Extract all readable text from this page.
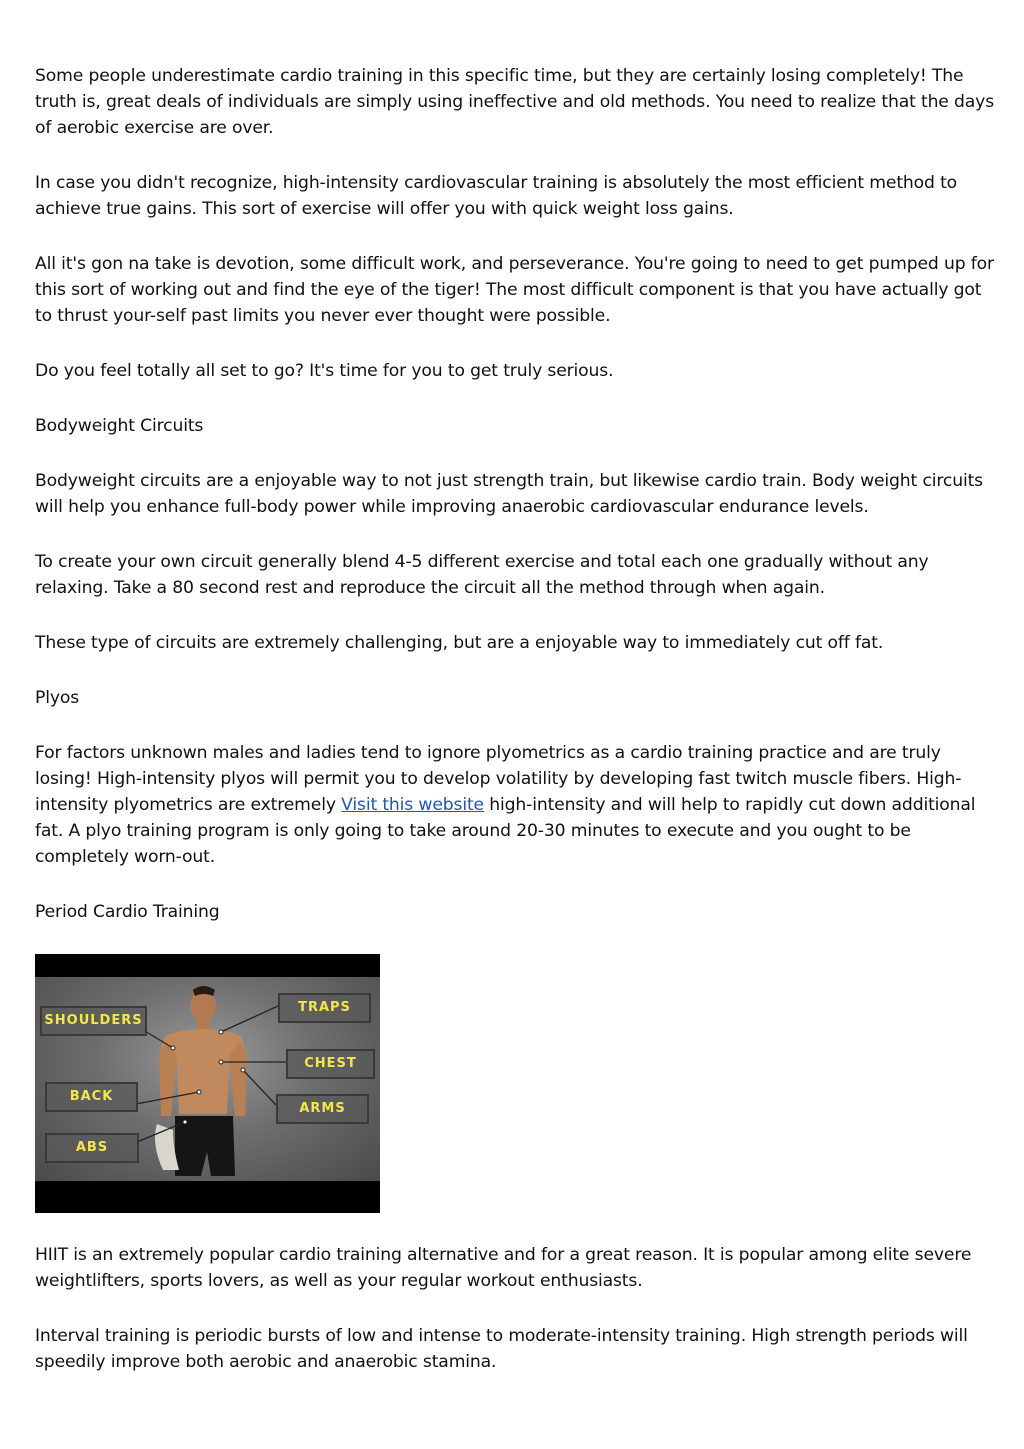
Some people underestimate cardio training in this specific time, but they are certainly losing completely! The truth is, great deals of individuals are simply using ineffective and old methods. You need to realize that the days of aerobic exercise are over.

In case you didn't recognize, high-intensity cardiovascular training is absolutely the most efficient method to achieve true gains. This sort of exercise will offer you with quick weight loss gains.

All it's gon na take is devotion, some difficult work, and perseverance. You're going to need to get pumped up for this sort of working out and find the eye of the tiger! The most difficult component is that you have actually got to thrust your-self past limits you never ever thought were possible.

Do you feel totally all set to go? It's time for you to get truly serious.

Bodyweight Circuits

Bodyweight circuits are a enjoyable way to not just strength train, but likewise cardio train. Body weight circuits will help you enhance full-body power while improving anaerobic cardiovascular endurance levels.

To create your own circuit generally blend 4-5 different exercise and total each one gradually without any relaxing. Take a 80 second rest and reproduce the circuit all the method through when again.

These type of circuits are extremely challenging, but are a enjoyable way to immediately cut off fat.

Plyos

For factors unknown males and ladies tend to ignore plyometrics as a cardio training practice and are truly losing! High-intensity plyos will permit you to develop volatility by developing fast twitch muscle fibers. High-intensity plyometrics are extremely Visit this website high-intensity and will help to rapidly cut down additional fat. A plyo training program is only going to take around 20-30 minutes to execute and you ought to be completely worn-out.

Period Cardio Training

SHOULDERS
TRAPS
CHEST
BACK
ARMS
ABS

HIIT is an extremely popular cardio training alternative and for a great reason. It is popular among elite severe weightlifters, sports lovers, as well as your regular workout enthusiasts.

Interval training is periodic bursts of low and intense to moderate-intensity training. High strength periods will speedily improve both aerobic and anaerobic stamina.
